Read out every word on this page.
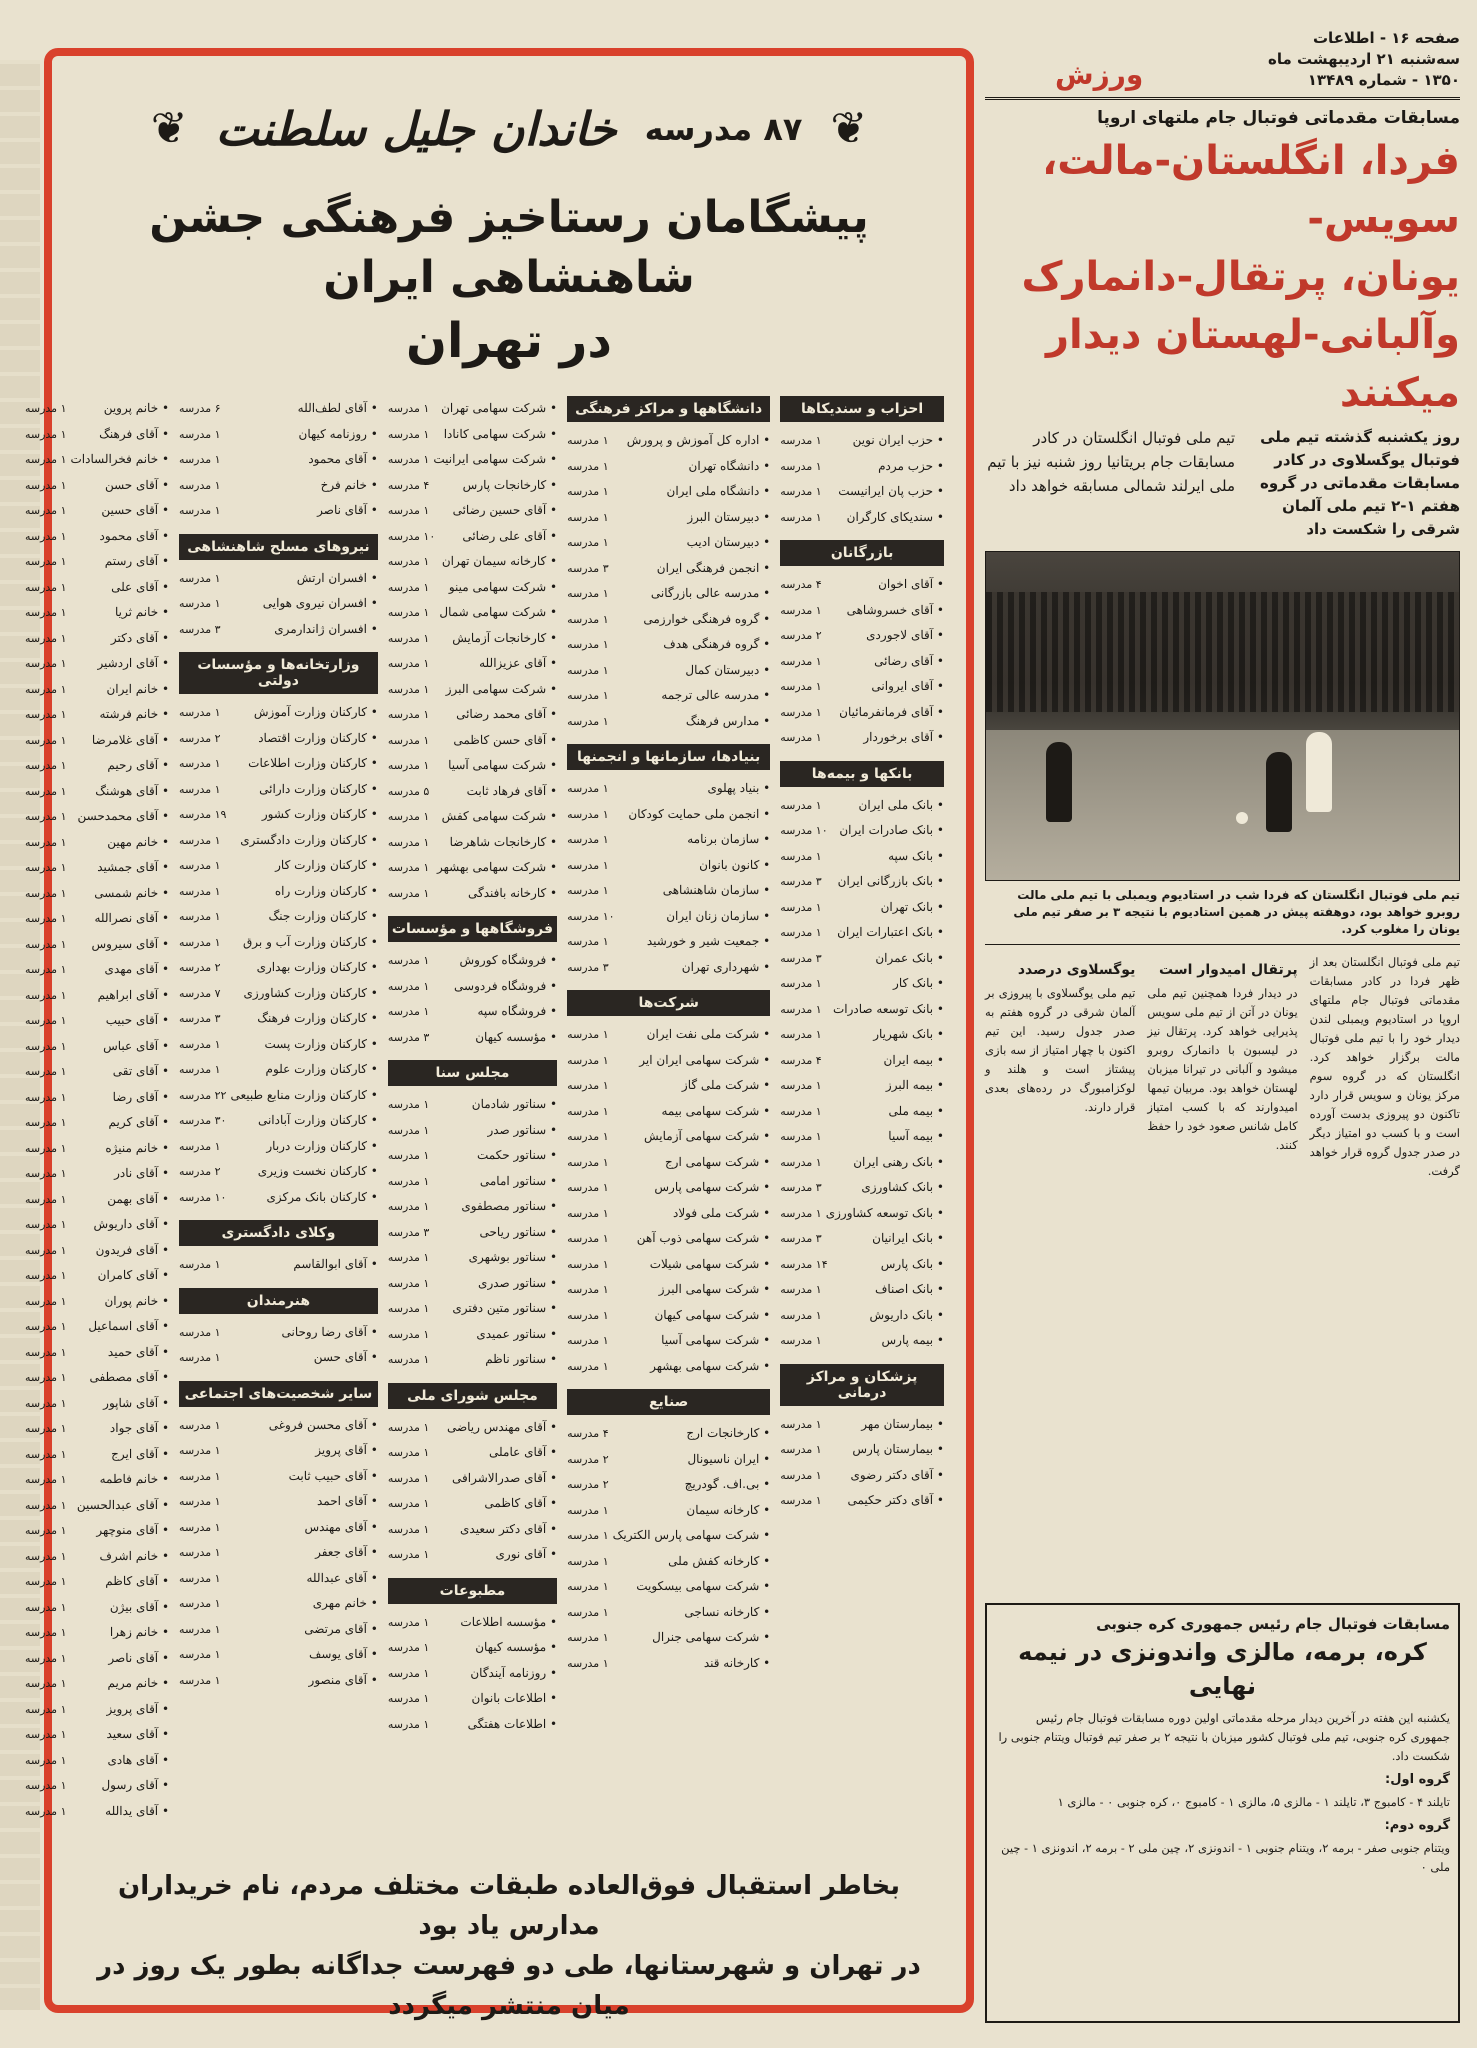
صفحه ۱۶ - اطلاعات
سه‌شنبه ۲۱ اردیبهشت ماه
۱۳۵۰ - شماره ۱۳۴۸۹
ورزش
مسابقات مقدماتی فوتبال جام ملتهای اروپا
فردا، انگلستان-مالت، سویس-
یونان، پرتقال-دانمارک
وآلبانی-لهستان دیدار میکنند
روز یکشنبه گذشته تیم ملی فوتبال یوگسلاوی در کادر مسابقات مقدماتی در گروه هفتم ۱-۲ تیم ملی آلمان شرقی را شکست داد
تیم ملی فوتبال انگلستان در کادر مسابقات جام بریتانیا روز شنبه نیز با تیم ملی ایرلند شمالی مسابقه خواهد داد
تیم ملی فوتبال انگلستان که فردا شب در استادیوم ویمبلی با تیم ملی مالت روبرو خواهد بود، دوهفته پیش در همین استادیوم با نتیجه ۳ بر صفر تیم ملی یونان را مغلوب کرد.

تیم ملی فوتبال انگلستان بعد از ظهر فردا در کادر مسابقات مقدماتی فوتبال جام ملتهای اروپا در استادیوم ویمبلی لندن دیدار خود را با تیم ملی فوتبال مالت برگزار خواهد کرد. انگلستان که در گروه سوم مرکز یونان و سویس قرار دارد تاکنون دو پیروزی بدست آورده است و با کسب دو امتیاز دیگر در صدر جدول گروه قرار خواهد گرفت.

پرتقال امیدوار است

در دیدار فردا همچنین تیم ملی یونان در آتن از تیم ملی سویس پذیرایی خواهد کرد. پرتقال نیز در لیسبون با دانمارک روبرو میشود و آلبانی در تیرانا میزبان لهستان خواهد بود. مربیان تیمها امیدوارند که با کسب امتیاز کامل شانس صعود خود را حفظ کنند.

یوگسلاوی درصدد

تیم ملی یوگسلاوی با پیروزی بر آلمان شرقی در گروه هفتم به صدر جدول رسید. این تیم اکنون با چهار امتیاز از سه بازی پیشتاز است و هلند و لوکزامبورگ در رده‌های بعدی قرار دارند.

مسابقات فوتبال جام رئیس جمهوری کره جنوبی
کره، برمه، مالزی واندونزی در نیمه نهایی
یکشنبه این هفته در آخرین دیدار مرحله مقدماتی اولین دوره مسابقات فوتبال جام رئیس جمهوری کره جنوبی، تیم ملی فوتبال کشور میزبان با نتیجه ۲ بر صفر تیم فوتبال ویتنام جنوبی را شکست داد.
گروه اول:
تایلند ۴ - کامبوج ۳، تایلند ۱ - مالزی ۵، مالزی ۱ - کامبوج ۰، کره جنوبی ۰ - مالزی ۱
گروه دوم:
ویتنام جنوبی صفر - برمه ۲، ویتنام جنوبی ۱ - اندونزی ۲، چین ملی ۲ - برمه ۲، اندونزی ۱ - چین ملی ۰
❦
۸۷ مدرسه
خاندان جلیل سلطنت
❦
پیشگامان رستاخیز فرهنگی جشن شاهنشاهی ایران
در تهران
احزاب و سندیکاها
• حزب ایران نوین
۱ مدرسه
• حزب مردم
۱ مدرسه
• حزب پان ایرانیست
۱ مدرسه
• سندیکای کارگران
۱ مدرسه
بازرگانان
• آقای اخوان
۴ مدرسه
• آقای خسروشاهی
۱ مدرسه
• آقای لاجوردی
۲ مدرسه
• آقای رضائی
۱ مدرسه
• آقای ایروانی
۱ مدرسه
• آقای فرمانفرمائیان
۱ مدرسه
• آقای برخوردار
۱ مدرسه
بانکها و بیمه‌ها
• بانک ملی ایران
۱ مدرسه
• بانک صادرات ایران
۱۰ مدرسه
• بانک سپه
۱ مدرسه
• بانک بازرگانی ایران
۳ مدرسه
• بانک تهران
۱ مدرسه
• بانک اعتبارات ایران
۱ مدرسه
• بانک عمران
۳ مدرسه
• بانک کار
۱ مدرسه
• بانک توسعه صادرات
۱ مدرسه
• بانک شهریار
۱ مدرسه
• بیمه ایران
۴ مدرسه
• بیمه البرز
۱ مدرسه
• بیمه ملی
۱ مدرسه
• بیمه آسیا
۱ مدرسه
• بانک رهنی ایران
۱ مدرسه
• بانک کشاورزی
۳ مدرسه
• بانک توسعه کشاورزی
۱ مدرسه
• بانک ایرانیان
۳ مدرسه
• بانک پارس
۱۴ مدرسه
• بانک اصناف
۱ مدرسه
• بانک داریوش
۱ مدرسه
• بیمه پارس
۱ مدرسه
پزشکان و مراکز درمانی
• بیمارستان مهر
۱ مدرسه
• بیمارستان پارس
۱ مدرسه
• آقای دکتر رضوی
۱ مدرسه
• آقای دکتر حکیمی
۱ مدرسه
دانشگاهها و مراکز فرهنگی
• اداره کل آموزش و پرورش
۱ مدرسه
• دانشگاه تهران
۱ مدرسه
• دانشگاه ملی ایران
۱ مدرسه
• دبیرستان البرز
۱ مدرسه
• دبیرستان ادیب
۱ مدرسه
• انجمن فرهنگی ایران
۳ مدرسه
• مدرسه عالی بازرگانی
۱ مدرسه
• گروه فرهنگی خوارزمی
۱ مدرسه
• گروه فرهنگی هدف
۱ مدرسه
• دبیرستان کمال
۱ مدرسه
• مدرسه عالی ترجمه
۱ مدرسه
• مدارس فرهنگ
۱ مدرسه
بنیادها، سازمانها و انجمنها
• بنیاد پهلوی
۱ مدرسه
• انجمن ملی حمایت کودکان
۱ مدرسه
• سازمان برنامه
۱ مدرسه
• کانون بانوان
۱ مدرسه
• سازمان شاهنشاهی
۱ مدرسه
• سازمان زنان ایران
۱۰ مدرسه
• جمعیت شیر و خورشید
۱ مدرسه
• شهرداری تهران
۳ مدرسه
شرکت‌ها
• شرکت ملی نفت ایران
۱ مدرسه
• شرکت سهامی ایران ایر
۱ مدرسه
• شرکت ملی گاز
۱ مدرسه
• شرکت سهامی بیمه
۱ مدرسه
• شرکت سهامی آزمایش
۱ مدرسه
• شرکت سهامی ارج
۱ مدرسه
• شرکت سهامی پارس
۱ مدرسه
• شرکت ملی فولاد
۱ مدرسه
• شرکت سهامی ذوب آهن
۱ مدرسه
• شرکت سهامی شیلات
۱ مدرسه
• شرکت سهامی البرز
۱ مدرسه
• شرکت سهامی کیهان
۱ مدرسه
• شرکت سهامی آسیا
۱ مدرسه
• شرکت سهامی بهشهر
۱ مدرسه
صنایع
• کارخانجات ارج
۴ مدرسه
• ایران ناسیونال
۲ مدرسه
• بی.اف. گودریچ
۲ مدرسه
• کارخانه سیمان
۱ مدرسه
• شرکت سهامی پارس الکتریک
۱ مدرسه
• کارخانه کفش ملی
۱ مدرسه
• شرکت سهامی بیسکویت
۱ مدرسه
• کارخانه نساجی
۱ مدرسه
• شرکت سهامی جنرال
۱ مدرسه
• کارخانه قند
۱ مدرسه
• شرکت سهامی تهران
۱ مدرسه
• شرکت سهامی کانادا
۱ مدرسه
• شرکت سهامی ایرانیت
۱ مدرسه
• کارخانجات پارس
۴ مدرسه
• آقای حسین رضائی
۱ مدرسه
• آقای علی رضائی
۱۰ مدرسه
• کارخانه سیمان تهران
۱ مدرسه
• شرکت سهامی مینو
۱ مدرسه
• شرکت سهامی شمال
۱ مدرسه
• کارخانجات آزمایش
۱ مدرسه
• آقای عزیزالله
۱ مدرسه
• شرکت سهامی البرز
۱ مدرسه
• آقای محمد رضائی
۱ مدرسه
• آقای حسن کاظمی
۱ مدرسه
• شرکت سهامی آسیا
۱ مدرسه
• آقای فرهاد ثابت
۵ مدرسه
• شرکت سهامی کفش
۱ مدرسه
• کارخانجات شاهرضا
۱ مدرسه
• شرکت سهامی بهشهر
۱ مدرسه
• کارخانه بافندگی
۱ مدرسه
فروشگاهها و مؤسسات
• فروشگاه کوروش
۱ مدرسه
• فروشگاه فردوسی
۱ مدرسه
• فروشگاه سپه
۱ مدرسه
• مؤسسه کیهان
۳ مدرسه
مجلس سنا
• سناتور شادمان
۱ مدرسه
• سناتور صدر
۱ مدرسه
• سناتور حکمت
۱ مدرسه
• سناتور امامی
۱ مدرسه
• سناتور مصطفوی
۱ مدرسه
• سناتور ریاحی
۳ مدرسه
• سناتور بوشهری
۱ مدرسه
• سناتور صدری
۱ مدرسه
• سناتور متین دفتری
۱ مدرسه
• سناتور عمیدی
۱ مدرسه
• سناتور ناظم
۱ مدرسه
مجلس شورای ملی
• آقای مهندس ریاضی
۱ مدرسه
• آقای عاملی
۱ مدرسه
• آقای صدرالاشرافی
۱ مدرسه
• آقای کاظمی
۱ مدرسه
• آقای دکتر سعیدی
۱ مدرسه
• آقای نوری
۱ مدرسه
مطبوعات
• مؤسسه اطلاعات
۱ مدرسه
• مؤسسه کیهان
۱ مدرسه
• روزنامه آیندگان
۱ مدرسه
• اطلاعات بانوان
۱ مدرسه
• اطلاعات هفتگی
۱ مدرسه
• آقای لطف‌الله
۶ مدرسه
• روزنامه کیهان
۱ مدرسه
• آقای محمود
۱ مدرسه
• خانم فرخ
۱ مدرسه
• آقای ناصر
۱ مدرسه
نیروهای مسلح شاهنشاهی
• افسران ارتش
۱ مدرسه
• افسران نیروی هوایی
۱ مدرسه
• افسران ژاندارمری
۳ مدرسه
وزارتخانه‌ها و مؤسسات دولتی
• کارکنان وزارت آموزش
۱ مدرسه
• کارکنان وزارت اقتصاد
۲ مدرسه
• کارکنان وزارت اطلاعات
۱ مدرسه
• کارکنان وزارت دارائی
۱ مدرسه
• کارکنان وزارت کشور
۱۹ مدرسه
• کارکنان وزارت دادگستری
۱ مدرسه
• کارکنان وزارت کار
۱ مدرسه
• کارکنان وزارت راه
۱ مدرسه
• کارکنان وزارت جنگ
۱ مدرسه
• کارکنان وزارت آب و برق
۱ مدرسه
• کارکنان وزارت بهداری
۲ مدرسه
• کارکنان وزارت کشاورزی
۷ مدرسه
• کارکنان وزارت فرهنگ
۳ مدرسه
• کارکنان وزارت پست
۱ مدرسه
• کارکنان وزارت علوم
۱ مدرسه
• کارکنان وزارت منابع طبیعی
۲۲ مدرسه
• کارکنان وزارت آبادانی
۳۰ مدرسه
• کارکنان وزارت دربار
۱ مدرسه
• کارکنان نخست وزیری
۲ مدرسه
• کارکنان بانک مرکزی
۱۰ مدرسه
وکلای دادگستری
• آقای ابوالقاسم
۱ مدرسه
هنرمندان
• آقای رضا روحانی
۱ مدرسه
• آقای حسن
۱ مدرسه
سایر شخصیت‌های اجتماعی
• آقای محسن فروغی
۱ مدرسه
• آقای پرویز
۱ مدرسه
• آقای حبیب ثابت
۱ مدرسه
• آقای احمد
۱ مدرسه
• آقای مهندس
۱ مدرسه
• آقای جعفر
۱ مدرسه
• آقای عبدالله
۱ مدرسه
• خانم مهری
۱ مدرسه
• آقای مرتضی
۱ مدرسه
• آقای یوسف
۱ مدرسه
• آقای منصور
۱ مدرسه
• خانم پروین
۱ مدرسه
• آقای فرهنگ
۱ مدرسه
• خانم فخرالسادات
۱ مدرسه
• آقای حسن
۱ مدرسه
• آقای حسین
۱ مدرسه
• آقای محمود
۱ مدرسه
• آقای رستم
۱ مدرسه
• آقای علی
۱ مدرسه
• خانم ثریا
۱ مدرسه
• آقای دکتر
۱ مدرسه
• آقای اردشیر
۱ مدرسه
• خانم ایران
۱ مدرسه
• خانم فرشته
۱ مدرسه
• آقای غلامرضا
۱ مدرسه
• آقای رحیم
۱ مدرسه
• آقای هوشنگ
۱ مدرسه
• آقای محمدحسن
۱ مدرسه
• خانم مهین
۱ مدرسه
• آقای جمشید
۱ مدرسه
• خانم شمسی
۱ مدرسه
• آقای نصرالله
۱ مدرسه
• آقای سیروس
۱ مدرسه
• آقای مهدی
۱ مدرسه
• آقای ابراهیم
۱ مدرسه
• آقای حبیب
۱ مدرسه
• آقای عباس
۱ مدرسه
• آقای تقی
۱ مدرسه
• آقای رضا
۱ مدرسه
• آقای کریم
۱ مدرسه
• خانم منیژه
۱ مدرسه
• آقای نادر
۱ مدرسه
• آقای بهمن
۱ مدرسه
• آقای داریوش
۱ مدرسه
• آقای فریدون
۱ مدرسه
• آقای کامران
۱ مدرسه
• خانم پوران
۱ مدرسه
• آقای اسماعیل
۱ مدرسه
• آقای حمید
۱ مدرسه
• آقای مصطفی
۱ مدرسه
• آقای شاپور
۱ مدرسه
• آقای جواد
۱ مدرسه
• آقای ایرج
۱ مدرسه
• خانم فاطمه
۱ مدرسه
• آقای عبدالحسین
۱ مدرسه
• آقای منوچهر
۱ مدرسه
• خانم اشرف
۱ مدرسه
• آقای کاظم
۱ مدرسه
• آقای بیژن
۱ مدرسه
• خانم زهرا
۱ مدرسه
• آقای ناصر
۱ مدرسه
• خانم مریم
۱ مدرسه
• آقای پرویز
۱ مدرسه
• آقای سعید
۱ مدرسه
• آقای هادی
۱ مدرسه
• آقای رسول
۱ مدرسه
• آقای یدالله
۱ مدرسه
بخاطر استقبال فوق‌العاده طبقات مختلف مردم، نام خریداران مدارس یاد بود
در تهران و شهرستانها، طی دو فهرست جداگانه بطور یک روز در میان منتشر میگردد
